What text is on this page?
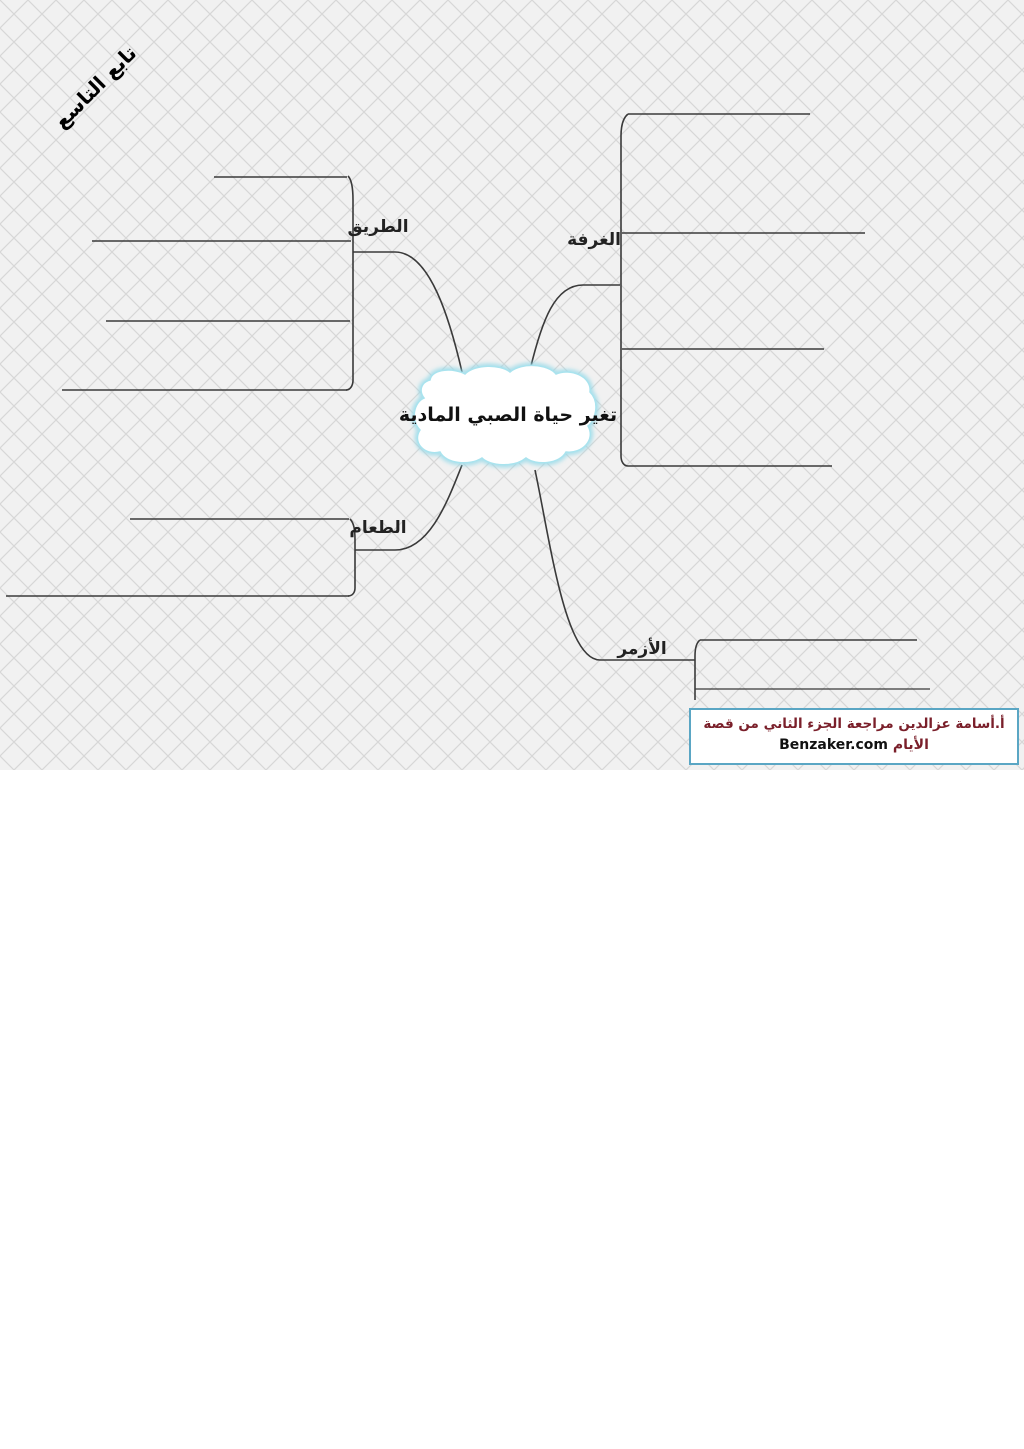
تغير حياة الصبي المادية
الطريق
الطعام
الغرفة
الأزمر
تابع التاسع
أ.أسامة عزالدين مراجعة الجزء الثاني من قصة
الأيام Benzaker.com
